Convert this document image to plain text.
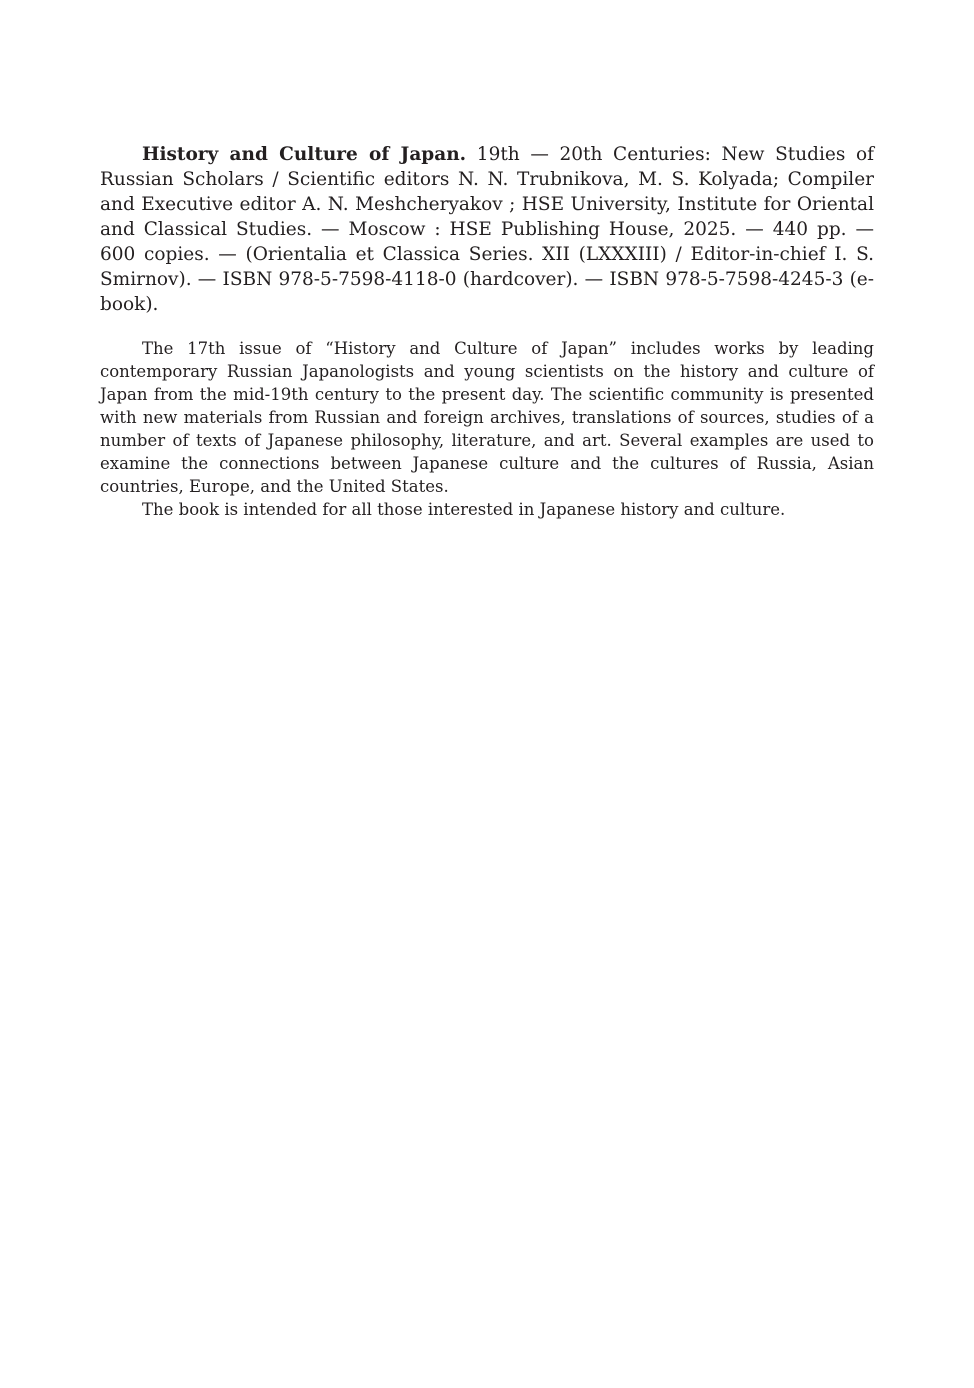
History and Culture of Japan. 19th — 20th Centuries: New Studies of Russian Scholars / Scientific editors N. N. Trubnikova, M. S. Kolyada; Compiler and Executive editor A. N. Meshcheryakov ; HSE University, Institute for Oriental and Classical Studies. — Moscow : HSE Publishing House, 2025. — 440 pp. — 600 copies. — (Orientalia et Classica Series. XII (LXXXIII) / Editor-in-chief I. S. Smirnov). — ISBN 978-5-7598-4118-0 (hardcover). — ISBN 978-5-7598-4245-3 (e-book).

The 17th issue of “History and Culture of Japan” includes works by leading contemporary Russian Japanologists and young scientists on the history and culture of Japan from the mid-19th century to the present day. The scientific community is presented with new materials from Russian and foreign archives, translations of sources, studies of a number of texts of Japanese philosophy, literature, and art. Several examples are used to examine the connections between Japanese culture and the cultures of Russia, Asian countries, Europe, and the United States.

The book is intended for all those interested in Japanese history and culture.
